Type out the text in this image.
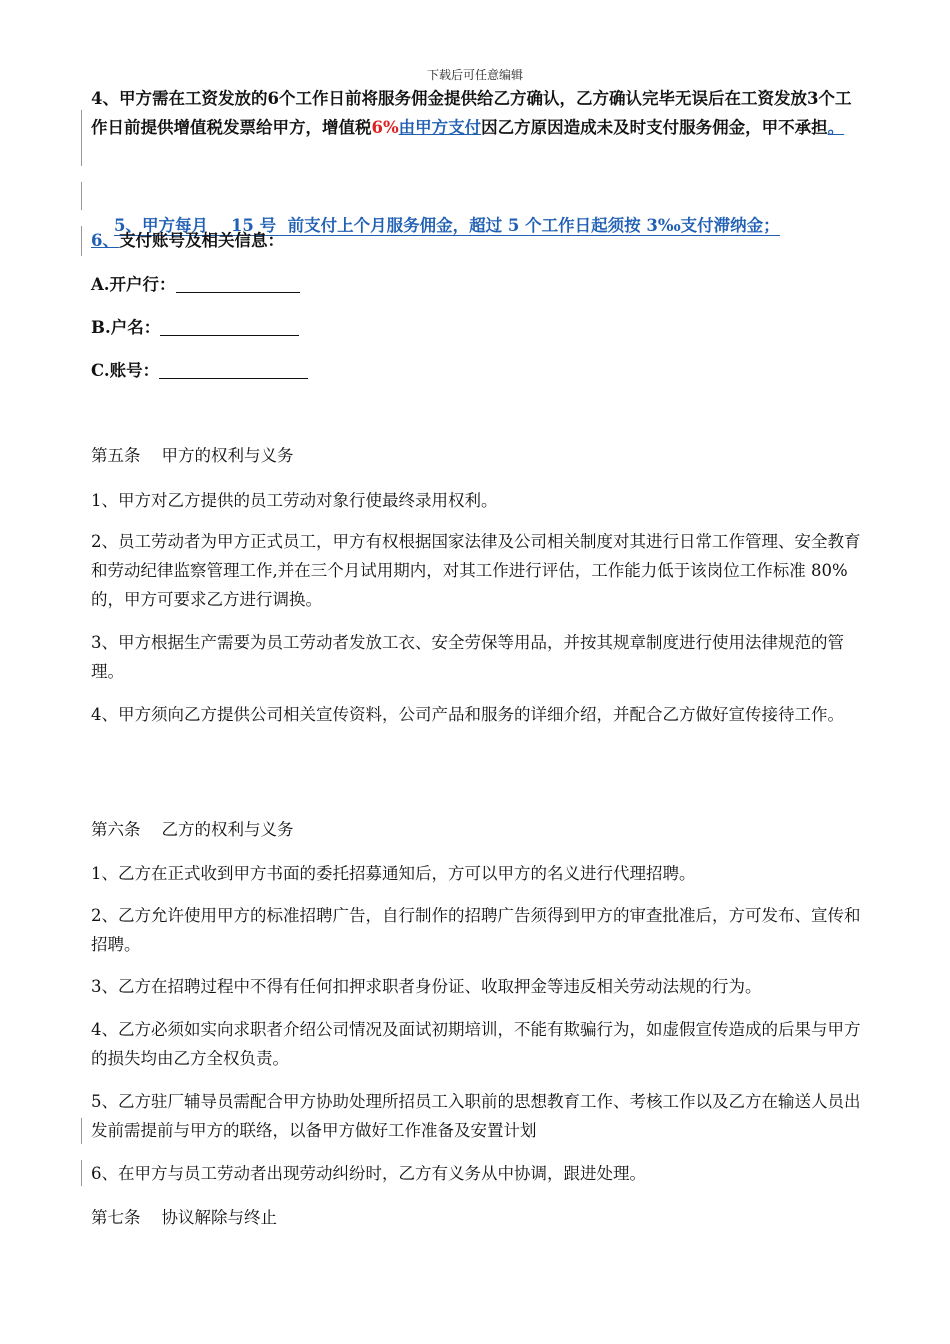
下载后可任意编辑

4、甲方需在工资发放的6个工作日前将服务佣金提供给乙方确认，乙方确认完毕无误后在工资发放3个工作日前提供增值税发票给甲方，增值税6%由甲方支付因乙方原因造成未及时支付服务佣金，甲不承担。

5、甲方每月    15 号  前支付上个月服务佣金，超过 5 个工作日起须按 3‰支付滞纳金；

6、支付账号及相关信息：

A.开户行：

B.户名：

C.账号：

第五条    甲方的权利与义务

1、甲方对乙方提供的员工劳动对象行使最终录用权利。

2、员工劳动者为甲方正式员工，甲方有权根据国家法律及公司相关制度对其进行日常工作管理、安全教育和劳动纪律监察管理工作,并在三个月试用期内，对其工作进行评估，工作能力低于该岗位工作标准 80%的，甲方可要求乙方进行调换。

3、甲方根据生产需要为员工劳动者发放工衣、安全劳保等用品，并按其规章制度进行使用法律规范的管理。

4、甲方须向乙方提供公司相关宣传资料，公司产品和服务的详细介绍，并配合乙方做好宣传接待工作。

第六条    乙方的权利与义务

1、乙方在正式收到甲方书面的委托招募通知后，方可以甲方的名义进行代理招聘。

2、乙方允许使用甲方的标准招聘广告，自行制作的招聘广告须得到甲方的审查批准后，方可发布、宣传和招聘。

3、乙方在招聘过程中不得有任何扣押求职者身份证、收取押金等违反相关劳动法规的行为。

4、乙方必须如实向求职者介绍公司情况及面试初期培训，不能有欺骗行为，如虚假宣传造成的后果与甲方的损失均由乙方全权负责。

5、乙方驻厂辅导员需配合甲方协助处理所招员工入职前的思想教育工作、考核工作以及乙方在输送人员出发前需提前与甲方的联络，以备甲方做好工作准备及安置计划

6、在甲方与员工劳动者出现劳动纠纷时，乙方有义务从中协调，跟进处理。

第七条    协议解除与终止
